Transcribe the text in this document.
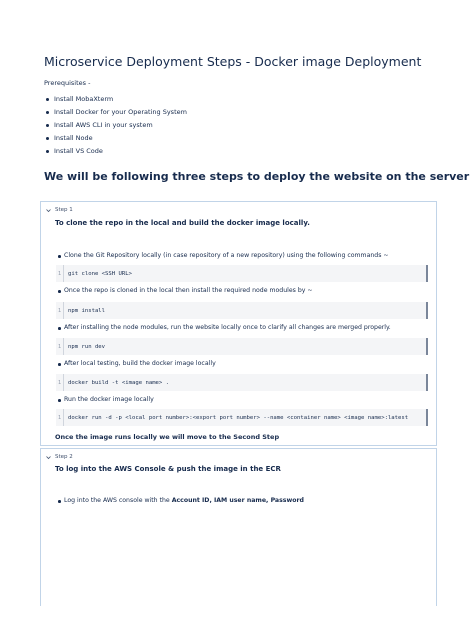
Microservice Deployment Steps - Docker image Deployment
Prerequisites -
Install MobaXterm
Install Docker for your Operating System
Install AWS CLI in your system
Install Node
Install VS Code
We will be following three steps to deploy the website on the server
Step 1
To clone the repo in the local and build the docker image locally.
Clone the Git Repository locally (in case repository of a new repository) using the following commands ~
1	git clone <SSH URL>
Once the repo is cloned in the local then install the required node modules by ~
1	npm install
After installing the node modules, run the website locally once to clarify all changes are merged properly.
1	npm run dev
After local testing, build the docker image locally
1	docker build -t <image name> .
Run the docker image locally
1	docker run -d -p <local port number>:<export port number> --name <container name> <image name>:latest
Once the image runs locally we will move to the Second Step
Step 2
To log into the AWS Console & push the image in the ECR
Log into the AWS console with the Account ID, IAM user name, Password
